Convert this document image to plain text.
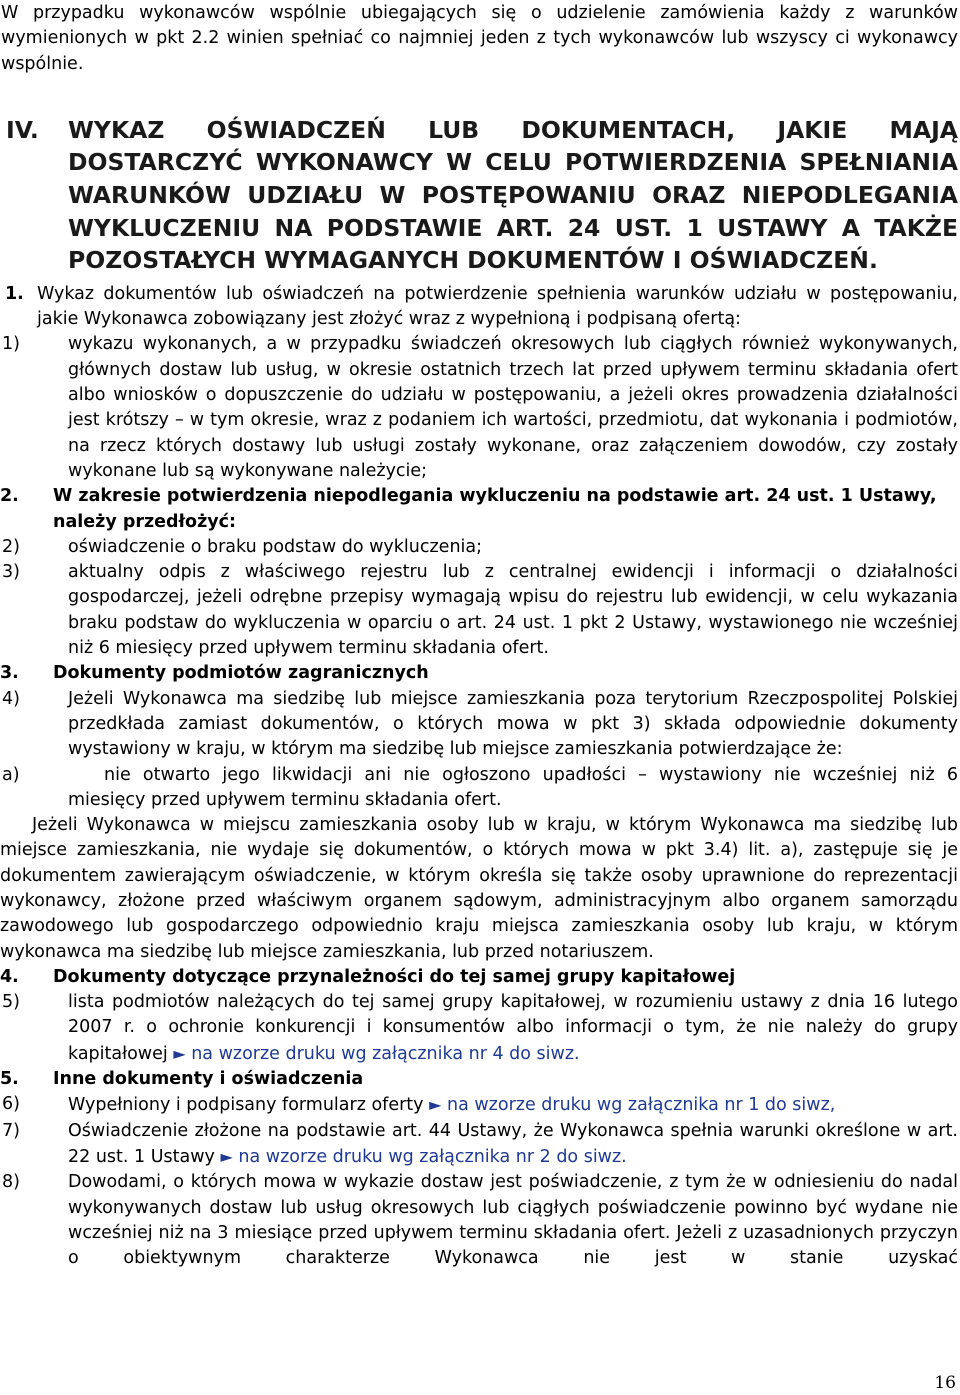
W przypadku wykonawców wspólnie ubiegających się o udzielenie zamówienia każdy z warunków wymienionych w pkt 2.2 winien spełniać co najmniej jeden z tych wykonawców lub wszyscy ci wykonawcy wspólnie.

IV.	WYKAZ OŚWIADCZEŃ LUB DOKUMENTACH, JAKIE MAJĄ DOSTARCZYĆ WYKONAWCY W CELU POTWIERDZENIA SPEŁNIANIA WARUNKÓW UDZIAŁU W POSTĘPOWANIU ORAZ NIEPODLEGANIA WYKLUCZENIU NA PODSTAWIE ART. 24 UST. 1 USTAWY A TAKŻE POZOSTAŁYCH WYMAGANYCH DOKUMENTÓW I OŚWIADCZEŃ.
1. Wykaz dokumentów lub oświadczeń na potwierdzenie spełnienia warunków udziału w postępowaniu, jakie Wykonawca zobowiązany jest złożyć wraz z wypełnioną i podpisaną ofertą:
1)	wykazu wykonanych, a w przypadku świadczeń okresowych lub ciągłych również wykonywanych, głównych dostaw lub usług, w okresie ostatnich trzech lat przed upływem terminu składania ofert albo wniosków o dopuszczenie do udziału w postępowaniu, a jeżeli okres prowadzenia działalności jest krótszy – w tym okresie, wraz z podaniem ich wartości, przedmiotu, dat wykonania i podmiotów, na rzecz których dostawy lub usługi zostały wykonane, oraz załączeniem dowodów, czy zostały wykonane lub są wykonywane należycie;
2.	W zakresie potwierdzenia niepodlegania wykluczeniu na podstawie art. 24 ust. 1 Ustawy, należy przedłożyć:
2)	oświadczenie o braku podstaw do wykluczenia;
3)	aktualny odpis z właściwego rejestru lub z centralnej ewidencji i informacji o działalności gospodarczej, jeżeli odrębne przepisy wymagają wpisu do rejestru lub ewidencji, w celu wykazania braku podstaw do wykluczenia w oparciu o art. 24 ust. 1 pkt 2 Ustawy, wystawionego nie wcześniej niż 6 miesięcy przed upływem terminu składania ofert.
3.	Dokumenty podmiotów zagranicznych
4)	Jeżeli Wykonawca ma siedzibę lub miejsce zamieszkania poza terytorium Rzeczpospolitej Polskiej przedkłada zamiast dokumentów, o których mowa w pkt 3) składa odpowiednie dokumenty wystawiony w kraju, w którym ma siedzibę lub miejsce zamieszkania potwierdzające że:
a)	nie otwarto jego likwidacji ani nie ogłoszono upadłości – wystawiony nie wcześniej niż 6

miesięcy przed upływem terminu składania ofert.

Jeżeli Wykonawca w miejscu zamieszkania osoby lub w kraju, w którym Wykonawca ma siedzibę lub miejsce zamieszkania, nie wydaje się dokumentów, o których mowa w pkt 3.4) lit. a), zastępuje się je dokumentem zawierającym oświadczenie, w którym określa się także osoby uprawnione do reprezentacji wykonawcy, złożone przed właściwym organem sądowym, administracyjnym albo organem samorządu zawodowego lub gospodarczego odpowiednio kraju miejsca zamieszkania osoby lub kraju, w którym wykonawca ma siedzibę lub miejsce zamieszkania, lub przed notariuszem.

4.	Dokumenty dotyczące przynależności do tej samej grupy kapitałowej
5)	lista podmiotów należących do tej samej grupy kapitałowej, w rozumieniu ustawy z dnia 16 lutego 2007 r. o ochronie konkurencji i konsumentów albo informacji o tym, że nie należy do grupy kapitałowej ► na wzorze druku wg załącznika nr 4 do siwz.
5.	Inne dokumenty i oświadczenia
6)	Wypełniony i podpisany formularz oferty ► na wzorze druku wg załącznika nr 1 do siwz,
7)	Oświadczenie złożone na podstawie art. 44 Ustawy, że Wykonawca spełnia warunki określone w art. 22 ust. 1 Ustawy ► na wzorze druku wg załącznika nr 2 do siwz.
8)	Dowodami, o których mowa w wykazie dostaw jest poświadczenie, z tym że w odniesieniu do nadal wykonywanych dostaw lub usług okresowych lub ciągłych poświadczenie powinno być wydane nie wcześniej niż na 3 miesiące przed upływem terminu składania ofert. Jeżeli z uzasadnionych przyczyn o obiektywnym charakterze Wykonawca nie jest w stanie uzyskać
16
